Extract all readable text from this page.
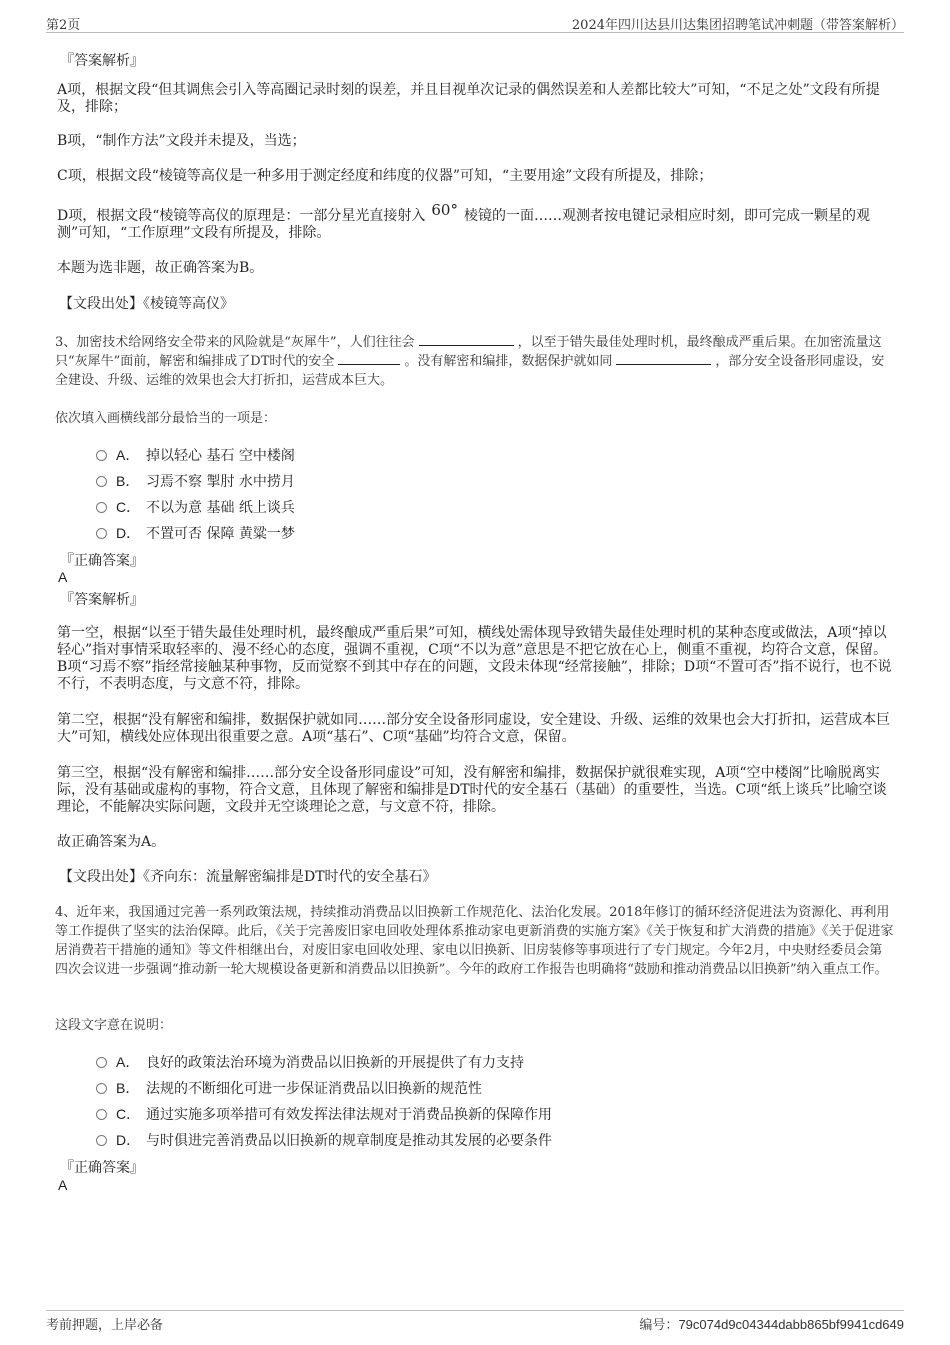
第2页	2024年四川达县川达集团招聘笔试冲刺题（带答案解析）
『答案解析』
A项，根据文段“但其调焦会引入等高圈记录时刻的误差，并且目视单次记录的偶然误差和人差都比较大”可知，“不足之处”文段有所提及，排除；
B项，“制作方法”文段并未提及，当选；
C项，根据文段“棱镜等高仪是一种多用于测定经度和纬度的仪器”可知，“主要用途”文段有所提及，排除；
D项，根据文段“棱镜等高仪的原理是：一部分星光直接射入 60° 棱镜的一面……观测者按电键记录相应时刻，即可完成一颗星的观测”可知，“工作原理”文段有所提及，排除。
本题为选非题，故正确答案为B。
【文段出处】《棱镜等高仪》
3、加密技术给网络安全带来的风险就是“灰犀牛”，人们往往会	，以至于错失最佳处理时机，最终酿成严重后果。在加密流量这只“灰犀牛”面前，解密和编排成了DT时代的安全	。没有解密和编排，数据保护就如同	，部分安全设备形同虚设，安全建设、升级、运维的效果也会大打折扣，运营成本巨大。
依次填入画横线部分最恰当的一项是：
A． 掉以轻心 基石 空中楼阁
B． 习焉不察 掣肘 水中捞月
C． 不以为意 基础 纸上谈兵
D． 不置可否 保障 黄粱一梦
『正确答案』
A
『答案解析』
第一空，根据“以至于错失最佳处理时机，最终酿成严重后果”可知，横线处需体现导致错失最佳处理时机的某种态度或做法，A项“掉以轻心”指对事情采取轻率的、漫不经心的态度，强调不重视，C项“不以为意”意思是不把它放在心上，侧重不重视，均符合文意，保留。B项“习焉不察”指经常接触某种事物，反而觉察不到其中存在的问题，文段未体现“经常接触”，排除；D项“不置可否”指不说行，也不说不行，不表明态度，与文意不符，排除。
第二空，根据“没有解密和编排，数据保护就如同……部分安全设备形同虚设，安全建设、升级、运维的效果也会大打折扣，运营成本巨大”可知，横线处应体现出很重要之意。A项“基石”、C项“基础”均符合文意，保留。
第三空，根据“没有解密和编排……部分安全设备形同虚设”可知，没有解密和编排，数据保护就很难实现，A项“空中楼阁”比喻脱离实际，没有基础或虚构的事物，符合文意，且体现了解密和编排是DT时代的安全基石（基础）的重要性，当选。C项“纸上谈兵”比喻空谈理论，不能解决实际问题，文段并无空谈理论之意，与文意不符，排除。
故正确答案为A。
【文段出处】《齐向东：流量解密编排是DT时代的安全基石》
4、近年来，我国通过完善一系列政策法规，持续推动消费品以旧换新工作规范化、法治化发展。2018年修订的循环经济促进法为资源化、再利用等工作提供了坚实的法治保障。此后，《关于完善废旧家电回收处理体系推动家电更新消费的实施方案》《关于恢复和扩大消费的措施》《关于促进家居消费若干措施的通知》等文件相继出台，对废旧家电回收处理、家电以旧换新、旧房装修等事项进行了专门规定。今年2月，中央财经委员会第四次会议进一步强调“推动新一轮大规模设备更新和消费品以旧换新”。今年的政府工作报告也明确将“鼓励和推动消费品以旧换新”纳入重点工作。
这段文字意在说明：
A． 良好的政策法治环境为消费品以旧换新的开展提供了有力支持
B． 法规的不断细化可进一步保证消费品以旧换新的规范性
C． 通过实施多项举措可有效发挥法律法规对于消费品换新的保障作用
D． 与时俱进完善消费品以旧换新的规章制度是推动其发展的必要条件
『正确答案』
A
考前押题，上岸必备	编号：79c074d9c04344dabb865bf9941cd649
